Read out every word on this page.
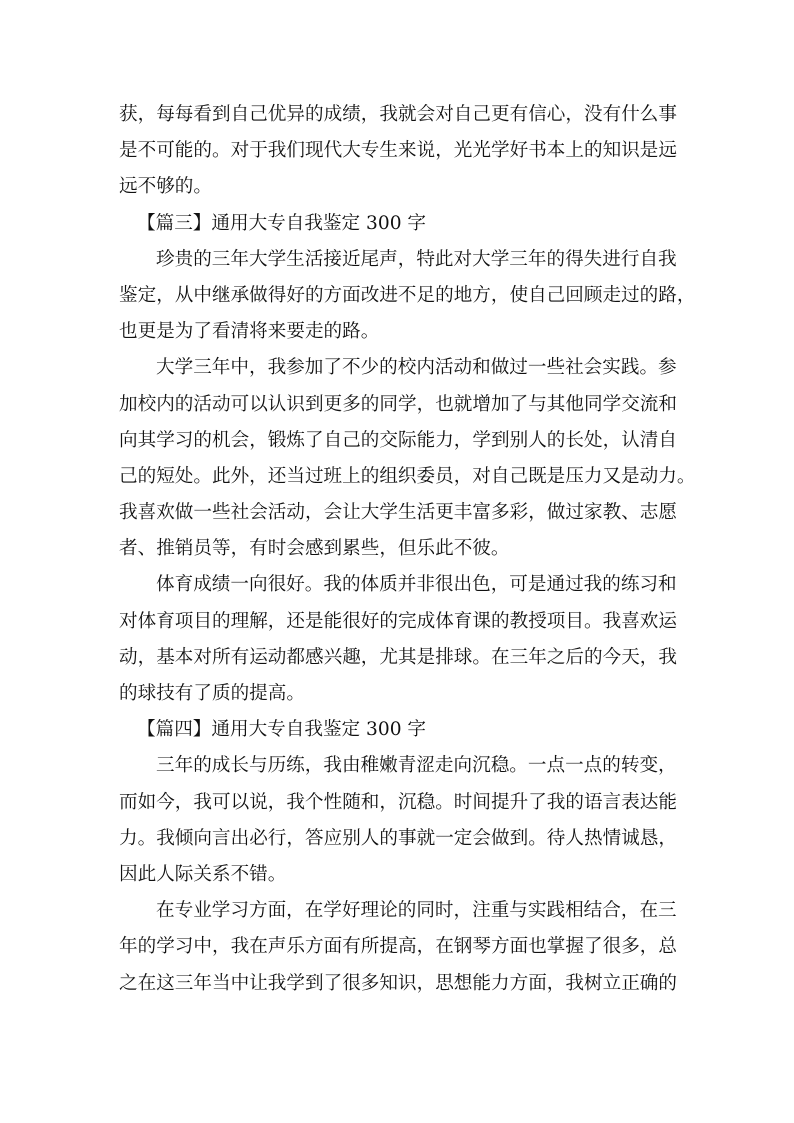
获，每每看到自己优异的成绩，我就会对自己更有信心，没有什么事
是不可能的。对于我们现代大专生来说，光光学好书本上的知识是远
远不够的。
【篇三】通用大专自我鉴定 300 字
珍贵的三年大学生活接近尾声，特此对大学三年的得失进行自我
鉴定，从中继承做得好的方面改进不足的地方，使自己回顾走过的路，
也更是为了看清将来要走的路。
大学三年中，我参加了不少的校内活动和做过一些社会实践。参
加校内的活动可以认识到更多的同学，也就增加了与其他同学交流和
向其学习的机会，锻炼了自己的交际能力，学到别人的长处，认清自
己的短处。此外，还当过班上的组织委员，对自己既是压力又是动力。
我喜欢做一些社会活动，会让大学生活更丰富多彩，做过家教、志愿
者、推销员等，有时会感到累些，但乐此不彼。
体育成绩一向很好。我的体质并非很出色，可是通过我的练习和
对体育项目的理解，还是能很好的完成体育课的教授项目。我喜欢运
动，基本对所有运动都感兴趣，尤其是排球。在三年之后的今天，我
的球技有了质的提高。
【篇四】通用大专自我鉴定 300 字
三年的成长与历练，我由稚嫩青涩走向沉稳。一点一点的转变，
而如今，我可以说，我个性随和，沉稳。时间提升了我的语言表达能
力。我倾向言出必行，答应别人的事就一定会做到。待人热情诚恳，
因此人际关系不错。
在专业学习方面，在学好理论的同时，注重与实践相结合，在三
年的学习中，我在声乐方面有所提高，在钢琴方面也掌握了很多，总
之在这三年当中让我学到了很多知识，思想能力方面，我树立正确的
